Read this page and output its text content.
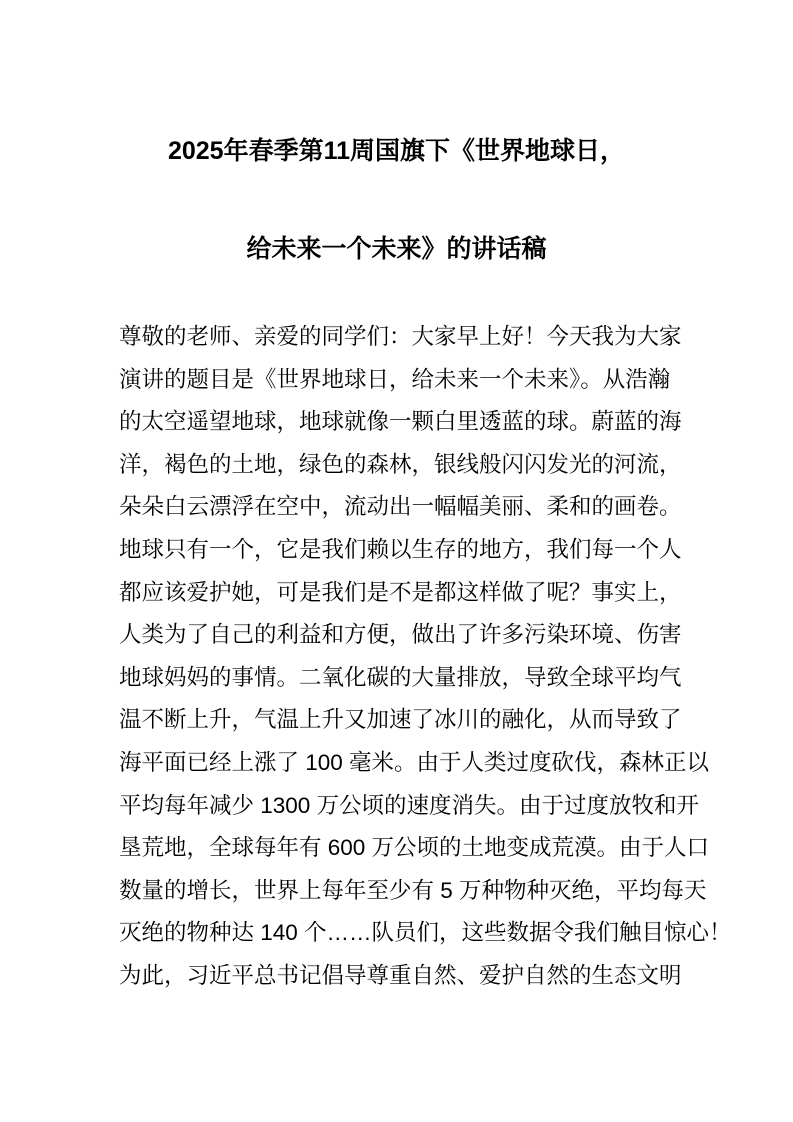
2025年春季第11周国旗下《世界地球日，
给未来一个未来》的讲话稿
尊敬的老师、亲爱的同学们：大家早上好！今天我为大家
演讲的题目是《世界地球日，给未来一个未来》。从浩瀚
的太空遥望地球，地球就像一颗白里透蓝的球。蔚蓝的海
洋，褐色的土地，绿色的森林，银线般闪闪发光的河流，
朵朵白云漂浮在空中，流动出一幅幅美丽、柔和的画卷。
地球只有一个，它是我们赖以生存的地方，我们每一个人
都应该爱护她，可是我们是不是都这样做了呢？事实上，
人类为了自己的利益和方便，做出了许多污染环境、伤害
地球妈妈的事情。二氧化碳的大量排放，导致全球平均气
温不断上升，气温上升又加速了冰川的融化，从而导致了
海平面已经上涨了 100 毫米。由于人类过度砍伐，森林正以
平均每年减少 1300 万公顷的速度消失。由于过度放牧和开
垦荒地，全球每年有 600 万公顷的土地变成荒漠。由于人口
数量的增长，世界上每年至少有 5 万种物种灭绝，平均每天
灭绝的物种达 140 个……队员们，这些数据令我们触目惊心！
为此，习近平总书记倡导尊重自然、爱护自然的生态文明
